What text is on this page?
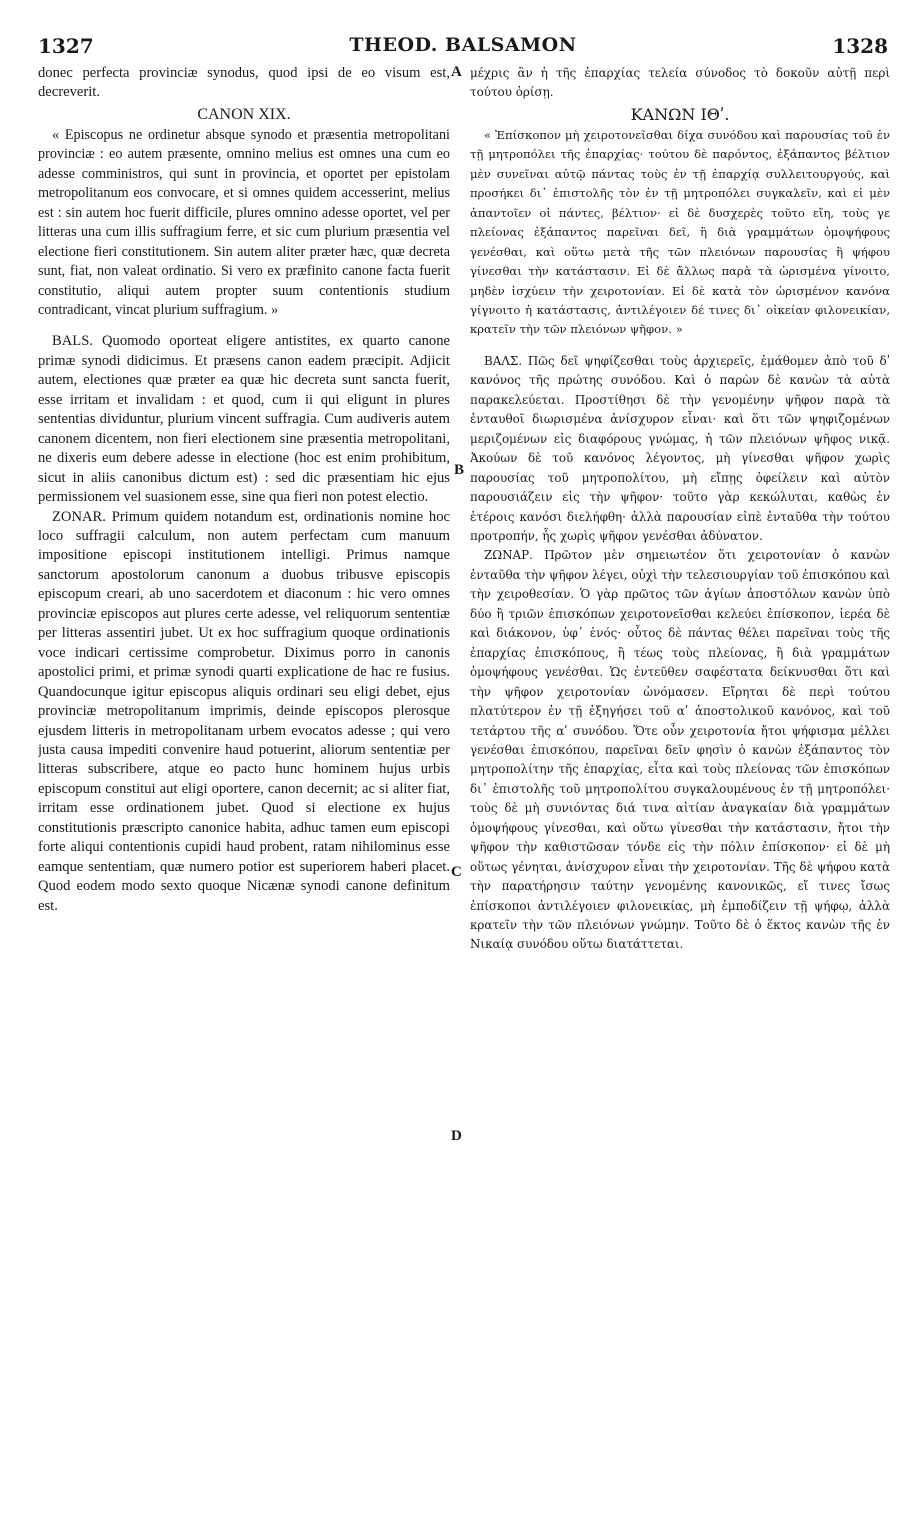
1327	THEOD. BALSAMON	1328

donec perfecta provinciæ synodus, quod ipsi de eo visum est, decreverit.

CANON XIX.

« Episcopus ne ordinetur absque synodo et præsentia metropolitani provinciæ : eo autem præsente, omnino melius est omnes una cum eo adesse comministros, qui sunt in provincia, et oportet per epistolam metropolitanum eos convocare, et si omnes quidem accesserint, melius est : sin autem hoc fuerit difficile, plures omnino adesse oportet, vel per litteras una cum illis suffragium ferre, et sic cum plurium præsentia vel electione fieri constitutionem. Sin autem aliter præter hæc, quæ decreta sunt, fiat, non valeat ordinatio. Si vero ex præfinito canone facta fuerit constitutio, aliqui autem propter suum contentionis studium contradicant, vincat plurium suffragium. »

BALS. Quomodo oporteat eligere antistites, ex quarto canone primæ synodi didicimus. Et præsens canon eadem præcipit. Adjicit autem, electiones quæ præter ea quæ hic decreta sunt sancta fuerit, esse irritam et invalidam : et quod, cum ii qui eligunt in plures sententias dividuntur, plurium vincent suffragia. Cum audiveris autem canonem dicentem, non fieri electionem sine præsentia metropolitani, ne dixeris eum debere adesse in electione (hoc est enim prohibitum, sicut in aliis canonibus dictum est) : sed dic præsentiam hic ejus permissionem vel suasionem esse, sine qua fieri non potest electio.

ZONAR. Primum quidem notandum est, ordinationis nomine hoc loco suffragii calculum, non autem perfectam cum manuum impositione episcopi institutionem intelligi. Primus namque sanctorum apostolorum canonum a duobus tribusve episcopis episcopum creari, ab uno sacerdotem et diaconum : hic vero omnes provinciæ episcopos aut plures certe adesse, vel reliquorum sententiæ per litteras assentiri jubet. Ut ex hoc suffragium quoque ordinationis voce indicari certissime comprobetur. Diximus porro in canonis apostolici primi, et primæ synodi quarti explicatione de hac re fusius. Quandocunque igitur episcopus aliquis ordinari seu eligi debet, ejus provinciæ metropolitanum imprimis, deinde episcopos plerosque ejusdem litteris in metropolitanam urbem evocatos adesse ; qui vero justa causa impediti convenire haud potuerint, aliorum sententiæ per litteras subscribere, atque eo pacto hunc hominem hujus urbis episcopum constitui aut eligi oportere, canon decernit; ac si aliter fiat, irritam esse ordinationem jubet. Quod si electione ex hujus constitutionis præscripto canonice habita, adhuc tamen eum episcopi forte aliqui contentionis cupidi haud probent, ratam nihilominus esse eamque sententiam, quæ numero potior est superiorem haberi placet. Quod eodem modo sexto quoque Nicænæ synodi canone definitum est.

μέχρις ἂν ἡ τῆς ἐπαρχίας τελεία σύνοδος τὸ δοκοῦν αὐτῇ περὶ τούτου ὁρίσῃ.

ΚΑΝΩΝ ΙΘʹ.

« Ἐπίσκοπον μὴ χειροτονεῖσθαι δίχα συνόδου καὶ παρουσίας τοῦ ἐν τῇ μητροπόλει τῆς ἐπαρχίας· τούτου δὲ παρόντος, ἐξάπαντος βέλτιον μὲν συνεῖναι αὐτῷ πάντας τοὺς ἐν τῇ ἐπαρχίᾳ συλλειτουργούς, καὶ προσήκει δι᾽ ἐπιστολῆς τὸν ἐν τῇ μητροπόλει συγκαλεῖν, καὶ εἰ μὲν ἀπαντοῖεν οἱ πάντες, βέλτιον· εἰ δὲ δυσχερὲς τοῦτο εἴη, τοὺς γε πλείονας ἐξάπαντος παρεῖναι δεῖ, ἢ διὰ γραμμάτων ὁμοψήφους γενέσθαι, καὶ οὕτω μετὰ τῆς τῶν πλειόνων παρουσίας ἢ ψήφου γίνεσθαι τὴν κατάστασιν. Εἰ δὲ ἄλλως παρὰ τὰ ὡρισμένα γίνοιτο, μηδὲν ἰσχύειν τὴν χειροτονίαν. Εἰ δὲ κατὰ τὸν ὡρισμένον κανόνα γίγνοιτο ἡ κατάστασις, ἀντιλέγοιεν δέ τινες δι᾽ οἰκείαν φιλονεικίαν, κρατεῖν τὴν τῶν πλειόνων ψῆφον. »

ΒΑΛΣ. Πῶς δεῖ ψηφίζεσθαι τοὺς ἀρχιερεῖς, ἐμάθομεν ἀπὸ τοῦ δʹ κανόνος τῆς πρώτης συνόδου. Καὶ ὁ παρὼν δὲ κανὼν τὰ αὐτὰ παρακελεύεται. Προστίθησι δὲ τὴν γενομένην ψῆφον παρὰ τὰ ἐνταυθοῖ διωρισμένα ἀνίσχυρον εἶναι· καὶ ὅτι τῶν ψηφιζομένων μεριζομένων εἰς διαφόρους γνώμας, ἡ τῶν πλειόνων ψῆφος νικᾷ. Ἀκούων δὲ τοῦ κανόνος λέγοντος, μὴ γίνεσθαι ψῆφον χωρὶς παρουσίας τοῦ μητροπολίτου, μὴ εἴπῃς ὀφείλειν καὶ αὐτὸν παρουσιάζειν εἰς τὴν ψῆφον· τοῦτο γὰρ κεκώλυται, καθὼς ἐν ἑτέροις κανόσι διελήφθη· ἀλλὰ παρουσίαν εἰπὲ ἐνταῦθα τὴν τούτου προτροπήν, ἧς χωρὶς ψῆφον γενέσθαι ἀδύνατον.

ΖΩΝΑΡ. Πρῶτον μὲν σημειωτέον ὅτι χειροτονίαν ὁ κανὼν ἐνταῦθα τὴν ψῆφον λέγει, οὐχὶ τὴν τελεσιουργίαν τοῦ ἐπισκόπου καὶ τὴν χειροθεσίαν. Ὁ γὰρ πρῶτος τῶν ἁγίων ἀποστόλων κανὼν ὑπὸ δύο ἢ τριῶν ἐπισκόπων χειροτονεῖσθαι κελεύει ἐπίσκοπον, ἱερέα δὲ καὶ διάκονον, ὑφ᾽ ἑνός· οὗτος δὲ πάντας θέλει παρεῖναι τοὺς τῆς ἐπαρχίας ἐπισκόπους, ἢ τέως τοὺς πλείονας, ἢ διὰ γραμμάτων ὁμοψήφους γενέσθαι. Ὡς ἐντεῦθεν σαφέστατα δείκνυσθαι ὅτι καὶ τὴν ψῆφον χειροτονίαν ὠνόμασεν. Εἴρηται δὲ περὶ τούτου πλατύτερον ἐν τῇ ἐξηγήσει τοῦ αʹ ἀποστολικοῦ κανόνος, καὶ τοῦ τετάρτου τῆς αʹ συνόδου. Ὅτε οὖν χειροτονία ἤτοι ψήφισμα μέλλει γενέσθαι ἐπισκόπου, παρεῖναι δεῖν φησὶν ὁ κανὼν ἐξάπαντος τὸν μητροπολίτην τῆς ἐπαρχίας, εἶτα καὶ τοὺς πλείονας τῶν ἐπισκόπων δι᾽ ἐπιστολῆς τοῦ μητροπολίτου συγκαλουμένους ἐν τῇ μητροπόλει· τοὺς δὲ μὴ συνιόντας διά τινα αἰτίαν ἀναγκαίαν διὰ γραμμάτων ὁμοψήφους γίνεσθαι, καὶ οὕτω γίνεσθαι τὴν κατάστασιν, ἤτοι τὴν ψῆφον τὴν καθιστῶσαν τόνδε εἰς τὴν πόλιν ἐπίσκοπον· εἰ δὲ μὴ οὕτως γένηται, ἀνίσχυρον εἶναι τὴν χειροτονίαν. Τῆς δὲ ψήφου κατὰ τὴν παρατήρησιν ταύτην γενομένης κανονικῶς, εἴ τινες ἴσως ἐπίσκοποι ἀντιλέγοιεν φιλονεικίας, μὴ ἐμποδίζειν τῇ ψήφῳ, ἀλλὰ κρατεῖν τὴν τῶν πλειόνων γνώμην. Τοῦτο δὲ ὁ ἕκτος κανὼν τῆς ἐν Νικαίᾳ συνόδου οὕτω διατάττεται.

A
B
C
D
